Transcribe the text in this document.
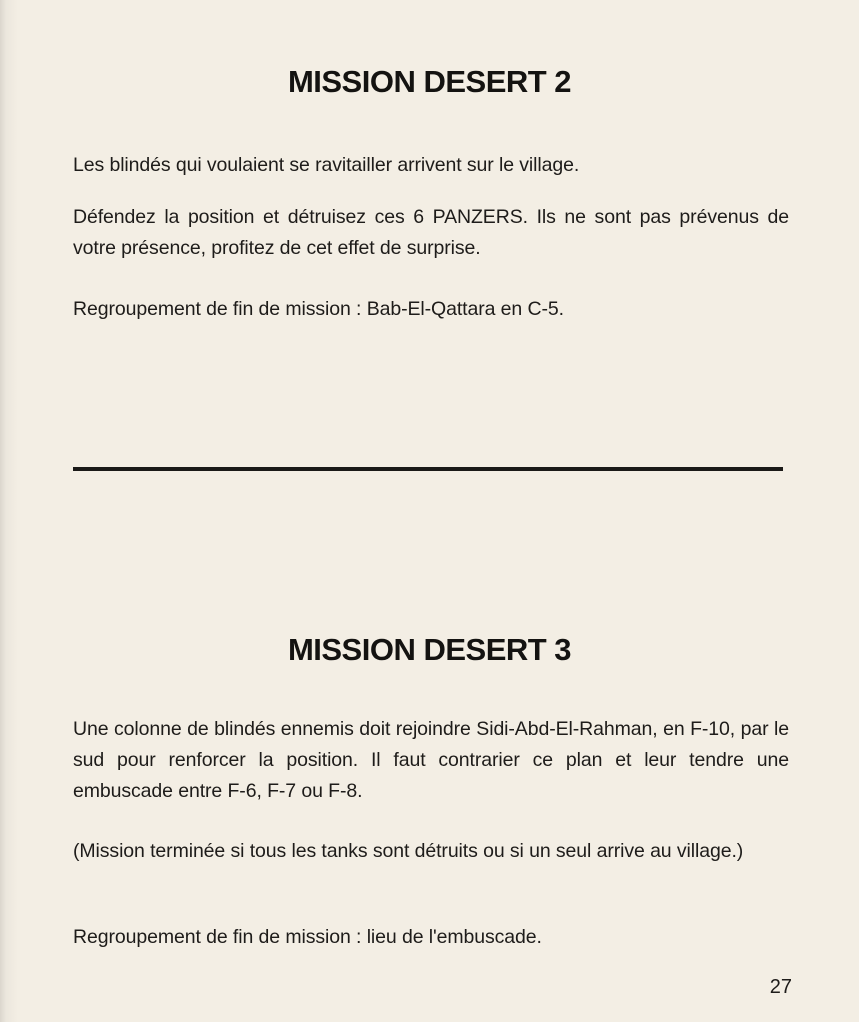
MISSION DESERT 2

Les blindés qui voulaient se ravitailler arrivent sur le village.

Défendez la position et détruisez ces 6 PANZERS. Ils ne sont pas prévenus de votre présence, profitez de cet effet de surprise.

Regroupement de fin de mission : Bab-El-Qattara en C-5.

MISSION DESERT 3

Une colonne de blindés ennemis doit rejoindre Sidi-Abd-El-Rahman, en F-10, par le sud pour renforcer la position. Il faut contrarier ce plan et leur tendre une embuscade entre F-6, F-7 ou F-8.

(Mission terminée si tous les tanks sont détruits ou si un seul arrive au village.)

Regroupement de fin de mission : lieu de l'embuscade.

27
